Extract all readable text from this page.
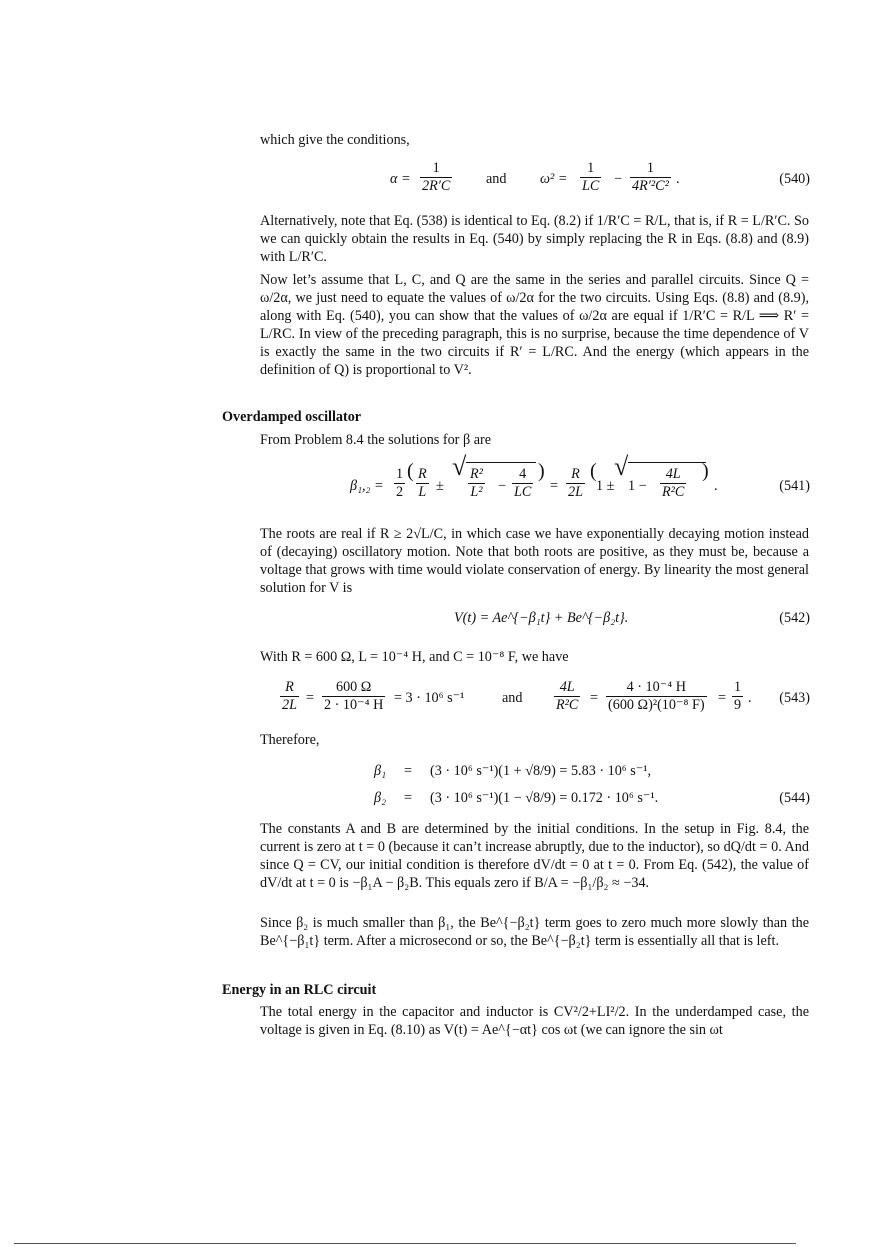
which give the conditions,

$\alpha = \frac{1}{2R'C}$ and $\omega^2 = \frac{1}{LC} - \frac{1}{\text{4R′²C²}}$ .	(540)

Alternatively, note that Eq. (538) is identical to Eq. (8.2) if 1/R′C = R/L, that is, if R = L/R′C. So we can quickly obtain the results in Eq. (540) by simply replacing the R in Eqs. (8.8) and (8.9) with L/R′C.

Now let’s assume that L, C, and Q are the same in the series and parallel circuits. Since Q = ω/2α, we just need to equate the values of ω/2α for the two circuits. Using Eqs. (8.8) and (8.9), along with Eq. (540), you can show that the values of ω/2α are equal if 1/R′C = R/L ⟹ R′ = L/RC. In view of the preceding paragraph, this is no surprise, because the time dependence of V is exactly the same in the two circuits if R′ = L/RC. And the energy (which appears in the definition of Q) is proportional to V².

Overdamped oscillator

From Problem 8.4 the solutions for β are

$\beta_1,_2 = \frac{1}{2}$ ( $\frac{R}{L}$ ±
√ $\frac{\text{R²}}{\text{L²}} - \frac{4}{LC}$ )
= $\frac{R}{2L}$ (
1 ±
√
$1 - \frac{4L}{\text{R²C}}$ )
.	(541)

The roots are real if R ≥ 2√L/C, in which case we have exponentially decaying motion instead of (decaying) oscillatory motion. Note that both roots are positive, as they must be, because a voltage that grows with time would violate conservation of energy. By linearity the most general solution for V is

V(t) = Ae^{−β₁t} + Be^{−β₂t}.	(542)

With R = 600 Ω, L = 10⁻⁴ H, and C = 10⁻⁸ F, we have

$\frac{R}{2L} = \frac{600 \Omega}{\text{2 · 10⁻⁴ H}} = 3 \cdot 10^6$ s⁻¹	and $\frac{4L}{\text{R²C}} = \frac{\text{4 · 10⁻⁴ H}}{\text{(600 Ω)²(10⁻⁸ F)}} = \frac{1}{9}$ . (543)

Therefore,

β₁ = (3 · 10⁶ s⁻¹)(1 + √8/9) = 5.83 · 10⁶ s⁻¹,
β₂ = (3 · 10⁶ s⁻¹)(1 − √8/9) = 0.172 · 10⁶ s⁻¹.	(544)

The constants A and B are determined by the initial conditions. In the setup in Fig. 8.4, the current is zero at t = 0 (because it can’t increase abruptly, due to the inductor), so dQ/dt = 0. And since Q = CV, our initial condition is therefore dV/dt = 0 at t = 0. From Eq. (542), the value of dV/dt at t = 0 is −β₁A − β₂B. This equals zero if B/A = −β₁/β₂ ≈ −34.

Since β₂ is much smaller than β₁, the Be^{−β₂t} term goes to zero much more slowly than the Be^{−β₁t} term. After a microsecond or so, the Be^{−β₂t} term is essentially all that is left.

Energy in an RLC circuit

The total energy in the capacitor and inductor is CV²/2+LI²/2. In the underdamped case, the voltage is given in Eq. (8.10) as V(t) = Ae^{−αt} cos ωt (we can ignore the sin ωt
